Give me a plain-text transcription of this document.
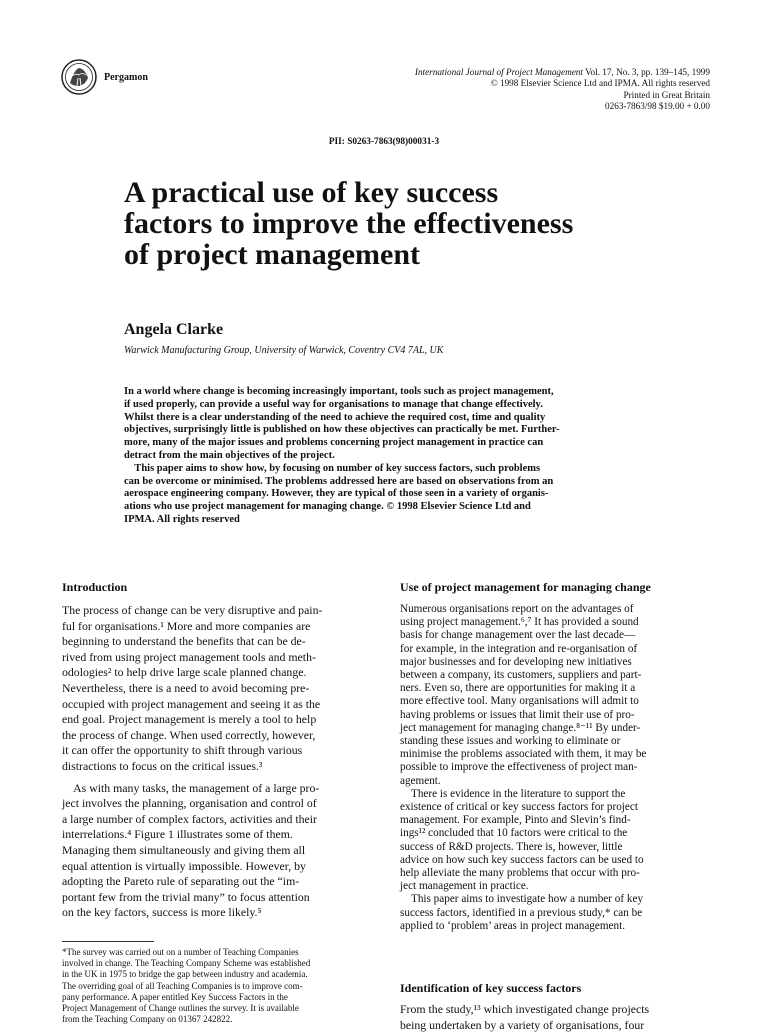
Pergamon	International Journal of Project Management Vol. 17, No. 3, pp. 139–145, 1999
© 1998 Elsevier Science Ltd and IPMA. All rights reserved
Printed in Great Britain
0263-7863/98 $19.00 + 0.00
PII: S0263-7863(98)00031-3
A practical use of key success
factors to improve the effectiveness
of project management
Angela Clarke
Warwick Manufacturing Group, University of Warwick, Coventry CV4 7AL, UK
In a world where change is becoming increasingly important, tools such as project management,
if used properly, can provide a useful way for organisations to manage that change effectively.
Whilst there is a clear understanding of the need to achieve the required cost, time and quality
objectives, surprisingly little is published on how these objectives can practically be met. Further-
more, many of the major issues and problems concerning project management in practice can
detract from the main objectives of the project.
This paper aims to show how, by focusing on number of key success factors, such problems
can be overcome or minimised. The problems addressed here are based on observations from an
aerospace engineering company. However, they are typical of those seen in a variety of organis-
ations who use project management for managing change. © 1998 Elsevier Science Ltd and
IPMA. All rights reserved
Introduction
The process of change can be very disruptive and pain-
ful for organisations.¹ More and more companies are
beginning to understand the benefits that can be de-
rived from using project management tools and meth-
odologies² to help drive large scale planned change.
Nevertheless, there is a need to avoid becoming pre-
occupied with project management and seeing it as the
end goal. Project management is merely a tool to help
the process of change. When used correctly, however,
it can offer the opportunity to shift through various
distractions to focus on the critical issues.³
As with many tasks, the management of a large pro-
ject involves the planning, organisation and control of
a large number of complex factors, activities and their
interrelations.⁴ Figure 1 illustrates some of them.
Managing them simultaneously and giving them all
equal attention is virtually impossible. However, by
adopting the Pareto rule of separating out the “im-
portant few from the trivial many” to focus attention
on the key factors, success is more likely.⁵
*The survey was carried out on a number of Teaching Companies
involved in change. The Teaching Company Scheme was established
in the UK in 1975 to bridge the gap between industry and academia.
The overriding goal of all Teaching Companies is to improve com-
pany performance. A paper entitled Key Success Factors in the
Project Management of Change outlines the survey. It is available
from the Teaching Company on 01367 242822.
Use of project management for managing change
Numerous organisations report on the advantages of
using project management.⁶,⁷ It has provided a sound
basis for change management over the last decade—
for example, in the integration and re-organisation of
major businesses and for developing new initiatives
between a company, its customers, suppliers and part-
ners. Even so, there are opportunities for making it a
more effective tool. Many organisations will admit to
having problems or issues that limit their use of pro-
ject management for managing change.⁸⁻¹¹ By under-
standing these issues and working to eliminate or
minimise the problems associated with them, it may be
possible to improve the effectiveness of project man-
agement.
There is evidence in the literature to support the
existence of critical or key success factors for project
management. For example, Pinto and Slevin’s find-
ings¹² concluded that 10 factors were critical to the
success of R&D projects. There is, however, little
advice on how such key success factors can be used to
help alleviate the many problems that occur with pro-
ject management in practice.
This paper aims to investigate how a number of key
success factors, identified in a previous study,* can be
applied to ‘problem’ areas in project management.
Identification of key success factors
From the study,¹³ which investigated change projects
being undertaken by a variety of organisations, four
